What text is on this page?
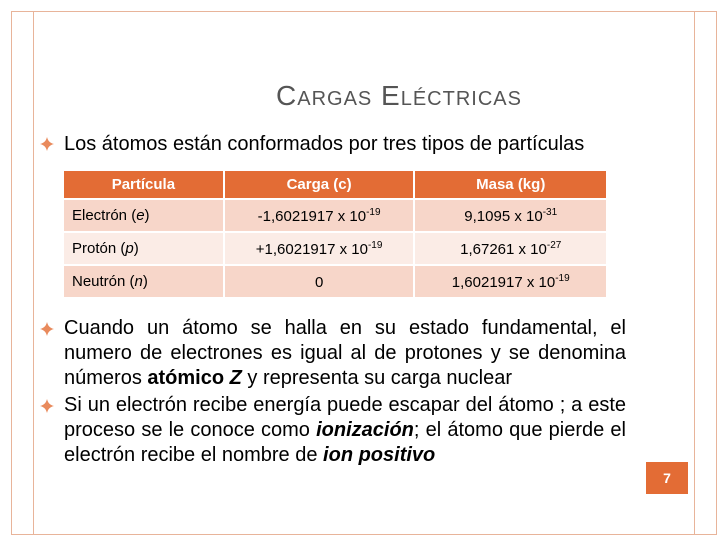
Cargas Eléctricas
Los átomos están conformados por tres tipos de partículas
Partícula	Carga (c)	Masa (kg)
Electrón (e)	-1,6021917 x $10^{-19}$	9,1095 x $10^{-31}$
Protón (p)	+1,6021917 x $10^{-19}$	1,67261 x $10^{-27}$
Neutrón (n)	0	1,6021917 x $10^{-19}$
Cuando un átomo se halla en su estado fundamental, el numero de electrones es igual al de protones y se denomina números atómico Z y representa su carga nuclear
Si un electrón recibe energía puede escapar del átomo ; a este proceso se le conoce como ionización; el átomo que pierde el electrón recibe el nombre de ion positivo
7
